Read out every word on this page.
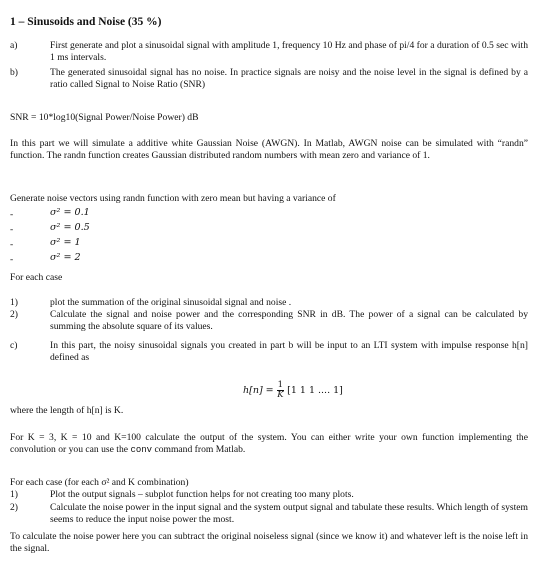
1 – Sinusoids and Noise (35 %)
a)	First generate and plot a sinusoidal signal with amplitude 1, frequency 10 Hz and phase of pi/4 for a duration of 0.5 sec with 1 ms intervals.
b)	The generated sinusoidal signal has no noise. In practice signals are noisy and the noise level in the signal is defined by a ratio called Signal to Noise Ratio (SNR)
SNR = 10*log10(Signal Power/Noise Power) dB
In this part we will simulate a additive white Gaussian Noise (AWGN). In Matlab, AWGN noise can be simulated with “randn” function. The randn function creates Gaussian distributed random numbers with mean zero and variance of 1.
Generate noise vectors using randn function with zero mean but having a variance of
-	σ² = 0.1
-	σ² = 0.5
-	σ² = 1
-	σ² = 2
For each case
1)	plot the summation of the original sinusoidal signal and noise .
2)	Calculate the signal and noise power and the corresponding SNR in dB. The power of a signal can be calculated by summing the absolute square of its values.
c)	In this part, the noisy sinusoidal signals you created in part b will be input to an LTI system with impulse response h[n] defined as
$h[n] = \frac{1}{K} [1$ 1 1 .... 1]
where the length of h[n] is K.
For K = 3, K = 10 and K=100 calculate the output of the system. You can either write your own function implementing the convolution or you can use the conv command from Matlab.
For each case (for each σ² and K combination)
1)	Plot the output signals – subplot function helps for not creating too many plots.
2)	Calculate the noise power in the input signal and the system output signal and tabulate these results. Which length of system seems to reduce the input noise power the most.
To calculate the noise power here you can subtract the original noiseless signal (since we know it) and whatever left is the noise left in the signal.
